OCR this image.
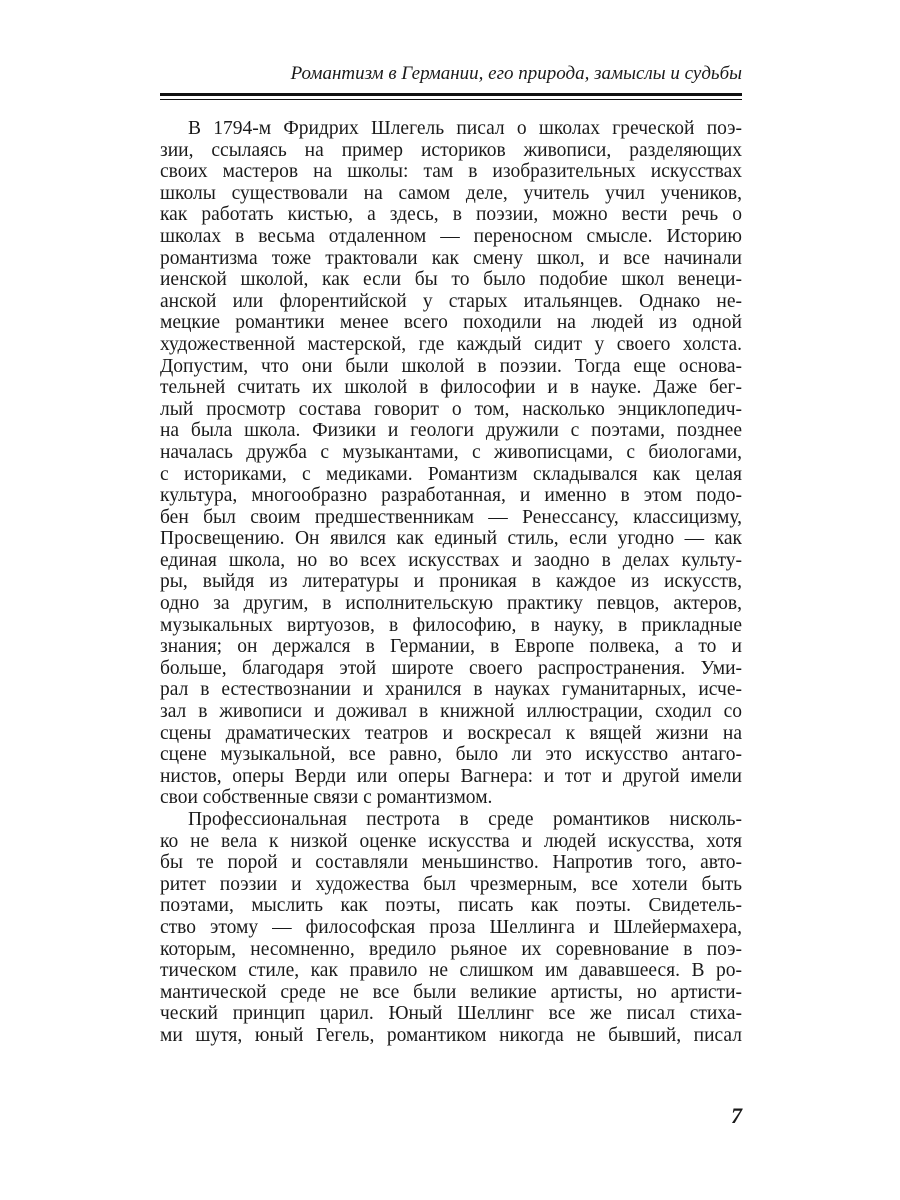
Романтизм в Германии, его природа, замыслы и судьбы
В 1794-м Фридрих Шлегель писал о школах греческой поэ-
зии, ссылаясь на пример историков живописи, разделяющих
своих мастеров на школы: там в изобразительных искусствах
школы существовали на самом деле, учитель учил учеников,
как работать кистью, а здесь, в поэзии, можно вести речь о
школах в весьма отдаленном — переносном смысле. Историю
романтизма тоже трактовали как смену школ, и все начинали
иенской школой, как если бы то было подобие школ венеци-
анской или флорентийской у старых итальянцев. Однако не-
мецкие романтики менее всего походили на людей из одной
художественной мастерской, где каждый сидит у своего холста.
Допустим, что они были школой в поэзии. Тогда еще основа-
тельней считать их школой в философии и в науке. Даже бег-
лый просмотр состава говорит о том, насколько энциклопедич-
на была школа. Физики и геологи дружили с поэтами, позднее
началась дружба с музыкантами, с живописцами, с биологами,
с историками, с медиками. Романтизм складывался как целая
культура, многообразно разработанная, и именно в этом подо-
бен был своим предшественникам — Ренессансу, классицизму,
Просвещению. Он явился как единый стиль, если угодно — как
единая школа, но во всех искусствах и заодно в делах культу-
ры, выйдя из литературы и проникая в каждое из искусств,
одно за другим, в исполнительскую практику певцов, актеров,
музыкальных виртуозов, в философию, в науку, в прикладные
знания; он держался в Германии, в Европе полвека, а то и
больше, благодаря этой широте своего распространения. Уми-
рал в естествознании и хранился в науках гуманитарных, исче-
зал в живописи и доживал в книжной иллюстрации, сходил со
сцены драматических театров и воскресал к вящей жизни на
сцене музыкальной, все равно, было ли это искусство антаго-
нистов, оперы Верди или оперы Вагнера: и тот и другой имели
свои собственные связи с романтизмом.
Профессиональная пестрота в среде романтиков нисколь-
ко не вела к низкой оценке искусства и людей искусства, хотя
бы те порой и составляли меньшинство. Напротив того, авто-
ритет поэзии и художества был чрезмерным, все хотели быть
поэтами, мыслить как поэты, писать как поэты. Свидетель-
ство этому — философская проза Шеллинга и Шлейермахера,
которым, несомненно, вредило рьяное их соревнование в поэ-
тическом стиле, как правило не слишком им дававшееся. В ро-
мантической среде не все были великие артисты, но артисти-
ческий принцип царил. Юный Шеллинг все же писал стиха-
ми шутя, юный Гегель, романтиком никогда не бывший, писал
7
